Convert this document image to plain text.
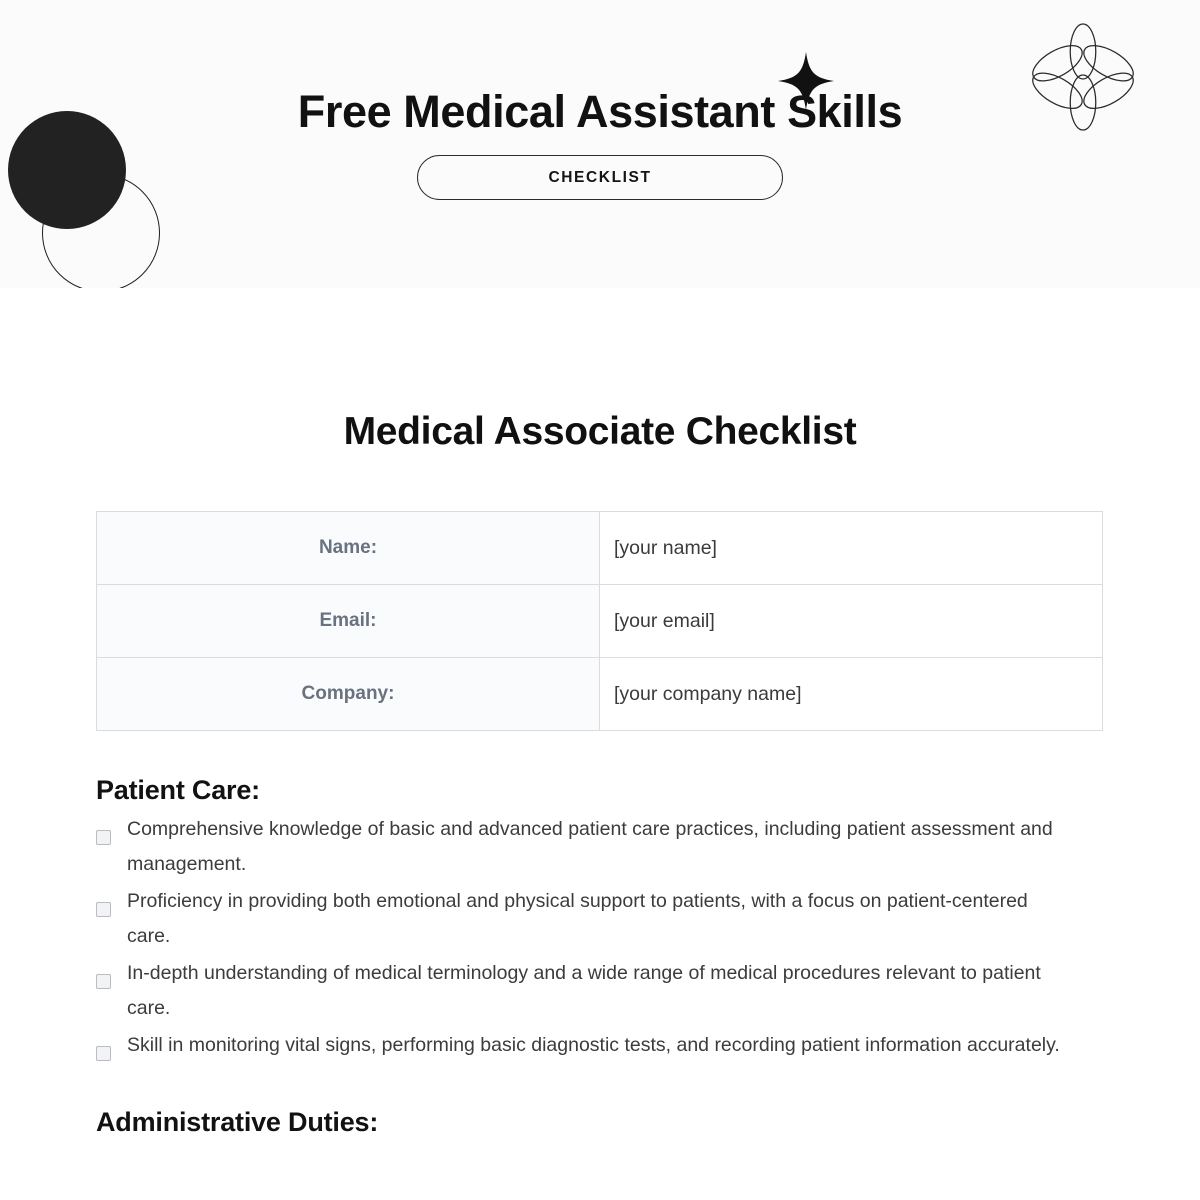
Free Medical Assistant Skills
CHECKLIST
Medical Associate Checklist
Name:	[your name]
Email:	[your email]
Company:	[your company name]
Patient Care:
Comprehensive knowledge of basic and advanced patient care practices, including patient assessment and management.
Proficiency in providing both emotional and physical support to patients, with a focus on patient-centered care.
In-depth understanding of medical terminology and a wide range of medical procedures relevant to patient care.
Skill in monitoring vital signs, performing basic diagnostic tests, and recording patient information accurately.
Administrative Duties:
